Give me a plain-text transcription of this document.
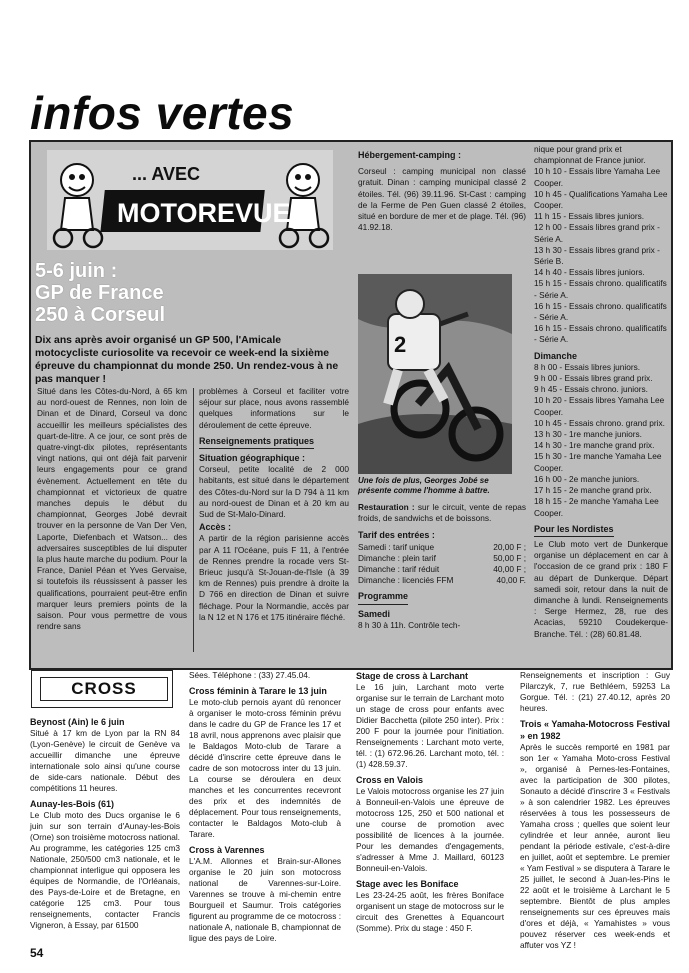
infos vertes
... AVEC
MOTOREVUE
5-6 juin :
GP de France
250 à Corseul
Dix ans après avoir organisé un GP 500, l'Amicale motocycliste curiosolite va recevoir ce week-end la sixième épreuve du championnat du monde 250. Un rendez-vous à ne pas manquer !

Situé dans les Côtes-du-Nord, à 65 km au nord-ouest de Rennes, non loin de Dinan et de Dinard, Corseul va donc accueillir les meilleurs spécialistes des quart-de-litre. A ce jour, ce sont près de quatre-vingt-dix pilotes, représentants vingt nations, qui ont déjà fait parvenir leurs engagements pour ce grand évènement. Actuellement en tête du championnat et victorieux de quatre manches depuis le début du championnat, Georges Jobé devrait trouver en la personne de Van Der Ven, Laporte, Diefenbach et Watson... des adversaires susceptibles de lui disputer la plus haute marche du podium. Pour la France, Daniel Péan et Yves Gervaise, si toutefois ils réussissent à passer les qualifications, pourraient peut-être enfin marquer leurs premiers points de la saison. Pour vous permettre de vous rendre sans

problèmes à Corseul et faciliter votre séjour sur place, nous avons rassemblé quelques informations sur le déroulement de cette épreuve.

Renseignements pratiques

Situation géographique :

Corseul, petite localité de 2 000 habitants, est situé dans le département des Côtes-du-Nord sur la D 794 à 11 km au nord-ouest de Dinan et à 20 km au Sud de St-Malo-Dinard.

Accès :

A partir de la région parisienne accès par A 11 l'Océane, puis F 11, à l'entrée de Rennes prendre la rocade vers St-Brieuc jusqu'à St-Jouan-de-l'Isle (à 39 km de Rennes) puis prendre à droite la D 766 en direction de Dinan et suivre fléchage. Pour la Normandie, accès par la N 12 et N 176 et 175 itinéraire fléché.

Hébergement-camping :

Corseul : camping municipal non classé gratuit. Dinan : camping municipal classé 2 étoiles. Tél. (96) 39.11.96. St-Cast : camping de la Ferme de Pen Guen classé 2 étoiles, situé en bordure de mer et de plage. Tél. (96) 41.92.18.

2
Une fois de plus, Georges Jobé se présente comme l'homme à battre.

Restauration : sur le circuit, vente de repas froids, de sandwichs et de boissons.

Tarif des entrées :

Samedi : tarif unique	20,00 F ;
Dimanche : plein tarif	50,00 F ;
Dimanche : tarif réduit	40,00 F ;
Dimanche : licenciés FFM	40,00 F.

Programme

Samedi

8 h 30 à 11h. Contrôle tech-

nique pour grand prix et championnat de France junior.

10 h 10 - Essais libre Yamaha Lee Cooper.

10 h 45 - Qualifications Yamaha Lee Cooper.

11 h 15 - Essais libres juniors.

12 h 00 - Essais libres grand prix - Série A.

13 h 30 - Essais libres grand prix - Série B.

14 h 40 - Essais libres juniors.

15 h 15 - Essais chrono. qualificatifs - Série A.

16 h 15 - Essais chrono. qualificatifs - Série A.

16 h 15 - Essais chrono. qualificatifs - Série A.

Dimanche

8 h 00 - Essais libres juniors.

9 h 00 - Essais libres grand prix.

9 h 45 - Essais chrono. juniors.

10 h 20 - Essais libres Yamaha Lee Cooper.

10 h 45 - Essais chrono. grand prix.

13 h 30 - 1re manche juniors.

14 h 30 - 1re manche grand prix.

15 h 30 - 1re manche Yamaha Lee Cooper.

16 h 00 - 2e manche juniors.

17 h 15 - 2e manche grand prix.

18 h 15 - 2e manche Yamaha Lee Cooper.

Pour les Nordistes

Le Club moto vert de Dunkerque organise un déplacement en car à l'occasion de ce grand prix : 180 F au départ de Dunkerque. Départ samedi soir, retour dans la nuit de dimanche à lundi. Renseignements : Serge Hermez, 28, rue des Acacias, 59210 Coudekerque-Branche. Tél. : (28) 60.81.48.

CROSS

Beynost (Ain) le 6 juin

Situé à 17 km de Lyon par la RN 84 (Lyon-Genève) le circuit de Genève va accueillir dimanche une épreuve internationale solo ainsi qu'une course de side-cars nationale. Début des compétitions 11 heures.

Aunay-les-Bois (61)

Le Club moto des Ducs organise le 6 juin sur son terrain d'Aunay-les-Bois (Orne) son troisième motocross national. Au programme, les catégories 125 cm3 Nationale, 250/500 cm3 nationale, et le championnat interligue qui opposera les équipes de Normandie, de l'Orléanais, des Pays-de-Loire et de Bretagne, en catégorie 125 cm3. Pour tous renseignements, contacter Francis Vigneron, à Essay, par 61500

Sées. Téléphone : (33) 27.45.04.

Cross féminin à Tarare le 13 juin

Le moto-club pernois ayant dû renoncer à organiser le moto-cross féminin prévu dans le cadre du GP de France les 17 et 18 avril, nous apprenons avec plaisir que le Baldagos Moto-club de Tarare a décidé d'inscrire cette épreuve dans le cadre de son motocross inter du 13 juin. La course se déroulera en deux manches et les concurrentes recevront des prix et des indemnités de déplacement. Pour tous renseignements, contacter le Baldagos Moto-club à Tarare.

Cross à Varennes

L'A.M. Allonnes et Brain-sur-Allones organise le 20 juin son motocross national de Varennes-sur-Loire. Varennes se trouve à mi-chemin entre Bourgueil et Saumur. Trois catégories figurent au programme de ce motocross : nationale A, nationale B, championnat de ligue des pays de Loire.

Stage de cross à Larchant

Le 16 juin, Larchant moto verte organise sur le terrain de Larchant moto un stage de cross pour enfants avec Didier Bacchetta (pilote 250 inter). Prix : 200 F pour la journée pour l'initiation. Renseignements : Larchant moto verte, tél. : (1) 672.96.26. Larchant moto, tél. : (1) 428.59.37.

Cross en Valois

Le Valois motocross organise les 27 juin à Bonneuil-en-Valois une épreuve de motocross 125, 250 et 500 national et une course de promotion avec possibilité de licences à la journée. Pour les demandes d'engagements, s'adresser à Mme J. Maillard, 60123 Bonneuil-en-Valois.

Stage avec les Boniface

Les 23-24-25 août, les frères Boniface organisent un stage de motocross sur le circuit des Grenettes à Equancourt (Somme). Prix du stage : 450 F.

Renseignements et inscription : Guy Pilarczyk, 7, rue Bethléem, 59253 La Gorgue. Tél. : (21) 27.40.12, après 20 heures.

Trois « Yamaha-Motocross Festival » en 1982

Après le succès remporté en 1981 par son 1er « Yamaha Moto-cross Festival », organisé à Pernes-les-Fontaines, avec la participation de 300 pilotes, Sonauto a décidé d'inscrire 3 « Festivals » à son calendrier 1982. Les épreuves réservées à tous les possesseurs de Yamaha cross ; quelles que soient leur cylindrée et leur année, auront lieu pendant la période estivale, c'est-à-dire en juillet, août et septembre. Le premier « Yam Festival » se disputera à Tarare le 25 juillet, le second à Juan-les-Pins le 22 août et le troisième à Larchant le 5 septembre. Bientôt de plus amples renseignements sur ces épreuves mais d'ores et déjà, « Yamahistes » vous pouvez réserver ces week-ends et affuter vos YZ !

54
